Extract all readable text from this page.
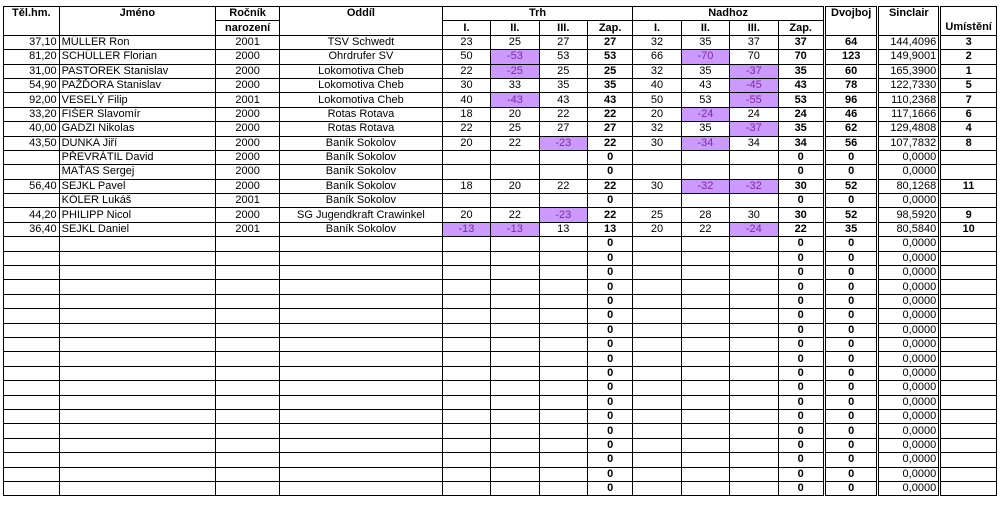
Těl.hm.	Jméno	Ročník	Oddíl	Trh				Nadhoz					Dvojboj		Sinclair		
		narození		I.	II.	III.	Zap.	I.	II.	III.	Zap.						Umístění
37,10	MÜLLER Ron	2001	TSV Schwedt	23	25	27	27	32	35	37	37		64		144,4096		3
81,20	SCHÜLLER Florian	2000	Ohrdrufer SV	50	-53	53	53	66	-70	70	70		123		149,9001		2
31,00	PASTOREK Stanislav	2000	Lokomotiva Cheb	22	-25	25	25	32	35	-37	35		60		165,3900		1
54,90	PAŽĎORA Stanislav	2000	Lokomotiva Cheb	30	33	35	35	40	43	-45	43		78		122,7330		5
92,00	VESELÝ Filip	2001	Lokomotiva Cheb	40	-43	43	43	50	53	-55	53		96		110,2368		7
33,20	FIŠER Slavomír	2000	Rotas Rotava	18	20	22	22	20	-24	24	24		46		117,1666		6
40,00	GADZI Nikolas	2000	Rotas Rotava	22	25	27	27	32	35	-37	35		62		129,4808		4
43,50	DUNKA Jiří	2000	Baník Sokolov	20	22	-23	22	30	-34	34	34		56		107,7832		8
	PŘEVRÁTIL David	2000	Baník Sokolov				0				0		0		0,0000		
	MAŤAS Sergej	2000	Baník Sokolov				0				0		0		0,0000		
56,40	SEJKL Pavel	2000	Baník Sokolov	18	20	22	22	30	-32	-32	30		52		80,1268		11
	KÖLER Lukáš	2001	Baník Sokolov				0				0		0		0,0000		
44,20	PHILIPP Nicol	2000	SG Jugendkraft Crawinkel	20	22	-23	22	25	28	30	30		52		98,5920		9
36,40	SEJKL Daniel	2001	Baník Sokolov	-13	-13	13	13	20	22	-24	22		35		80,5840		10
							0				0		0		0,0000		
							0				0		0		0,0000		
							0				0		0		0,0000		
							0				0		0		0,0000		
							0				0		0		0,0000		
							0				0		0		0,0000		
							0				0		0		0,0000		
							0				0		0		0,0000		
							0				0		0		0,0000		
							0				0		0		0,0000		
							0				0		0		0,0000		
							0				0		0		0,0000		
							0				0		0		0,0000		
							0				0		0		0,0000		
							0				0		0		0,0000		
							0				0		0		0,0000		
							0				0		0		0,0000		
							0				0		0		0,0000		
